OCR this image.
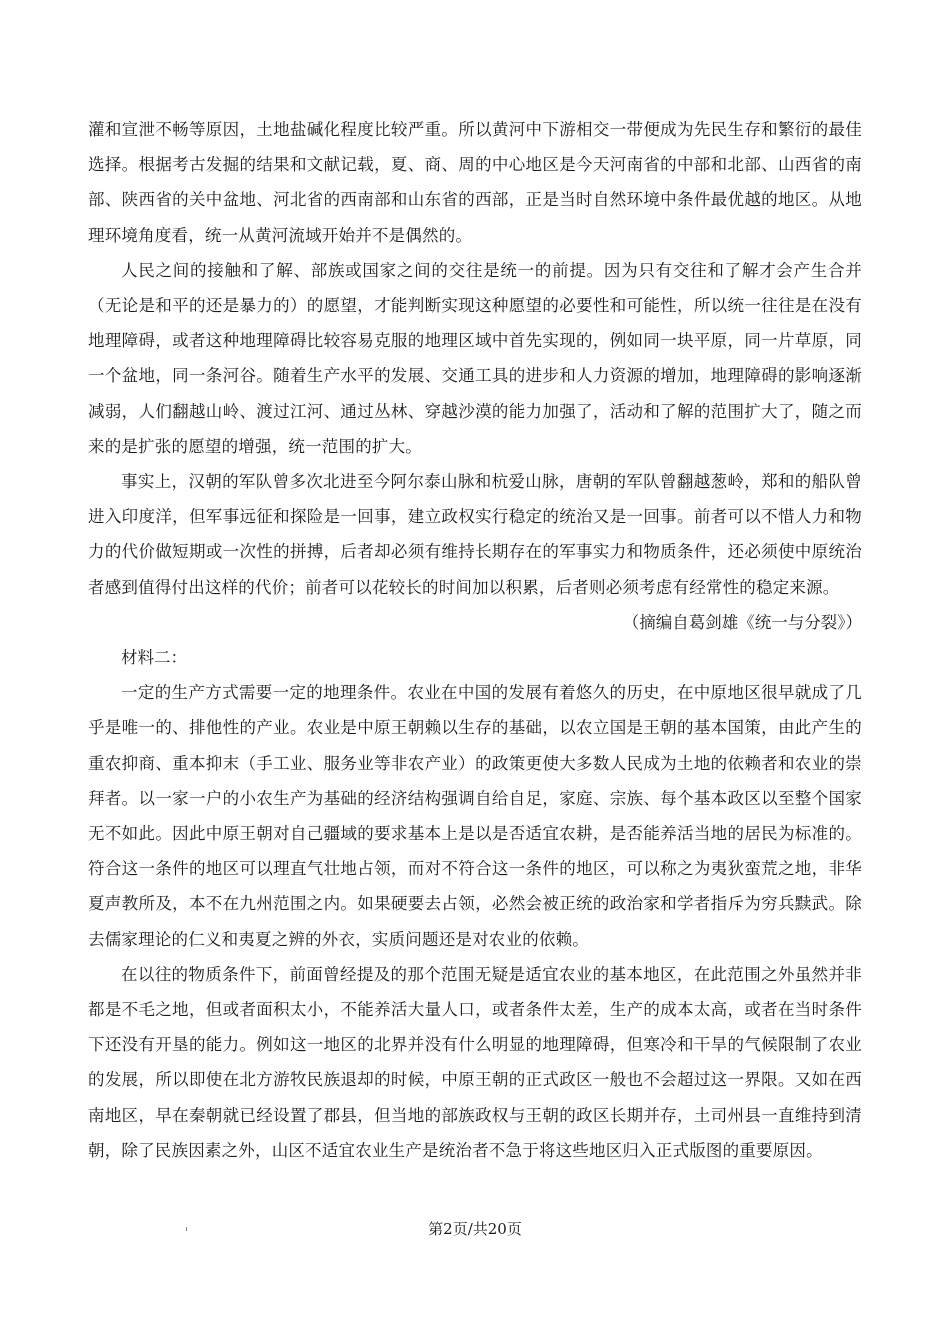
灌和宣泄不畅等原因，土地盐碱化程度比较严重。所以黄河中下游相交一带便成为先民生存和繁衍的最佳选择。根据考古发掘的结果和文献记载，夏、商、周的中心地区是今天河南省的中部和北部、山西省的南部、陕西省的关中盆地、河北省的西南部和山东省的西部，正是当时自然环境中条件最优越的地区。从地理环境角度看，统一从黄河流域开始并不是偶然的。

人民之间的接触和了解、部族或国家之间的交往是统一的前提。因为只有交往和了解才会产生合并（无论是和平的还是暴力的）的愿望，才能判断实现这种愿望的必要性和可能性，所以统一往往是在没有地理障碍，或者这种地理障碍比较容易克服的地理区域中首先实现的，例如同一块平原，同一片草原，同一个盆地，同一条河谷。随着生产水平的发展、交通工具的进步和人力资源的增加，地理障碍的影响逐渐减弱，人们翻越山岭、渡过江河、通过丛林、穿越沙漠的能力加强了，活动和了解的范围扩大了，随之而来的是扩张的愿望的增强，统一范围的扩大。

事实上，汉朝的军队曾多次北进至今阿尔泰山脉和杭爱山脉，唐朝的军队曾翻越葱岭，郑和的船队曾进入印度洋，但军事远征和探险是一回事，建立政权实行稳定的统治又是一回事。前者可以不惜人力和物力的代价做短期或一次性的拼搏，后者却必须有维持长期存在的军事实力和物质条件，还必须使中原统治者感到值得付出这样的代价；前者可以花较长的时间加以积累，后者则必须考虑有经常性的稳定来源。

（摘编自葛剑雄《统一与分裂》）

材料二：

一定的生产方式需要一定的地理条件。农业在中国的发展有着悠久的历史，在中原地区很早就成了几乎是唯一的、排他性的产业。农业是中原王朝赖以生存的基础，以农立国是王朝的基本国策，由此产生的重农抑商、重本抑末（手工业、服务业等非农产业）的政策更使大多数人民成为土地的依赖者和农业的崇拜者。以一家一户的小农生产为基础的经济结构强调自给自足，家庭、宗族、每个基本政区以至整个国家无不如此。因此中原王朝对自己疆域的要求基本上是以是否适宜农耕，是否能养活当地的居民为标准的。符合这一条件的地区可以理直气壮地占领，而对不符合这一条件的地区，可以称之为夷狄蛮荒之地，非华夏声教所及，本不在九州范围之内。如果硬要去占领，必然会被正统的政治家和学者指斥为穷兵黩武。除去儒家理论的仁义和夷夏之辨的外衣，实质问题还是对农业的依赖。

在以往的物质条件下，前面曾经提及的那个范围无疑是适宜农业的基本地区，在此范围之外虽然并非都是不毛之地，但或者面积太小，不能养活大量人口，或者条件太差，生产的成本太高，或者在当时条件下还没有开垦的能力。例如这一地区的北界并没有什么明显的地理障碍，但寒冷和干旱的气候限制了农业的发展，所以即使在北方游牧民族退却的时候，中原王朝的正式政区一般也不会超过这一界限。又如在西南地区，早在秦朝就已经设置了郡县，但当地的部族政权与王朝的政区长期并存，土司州县一直维持到清朝，除了民族因素之外，山区不适宜农业生产是统治者不急于将这些地区归入正式版图的重要原因。

第2页/共20页
